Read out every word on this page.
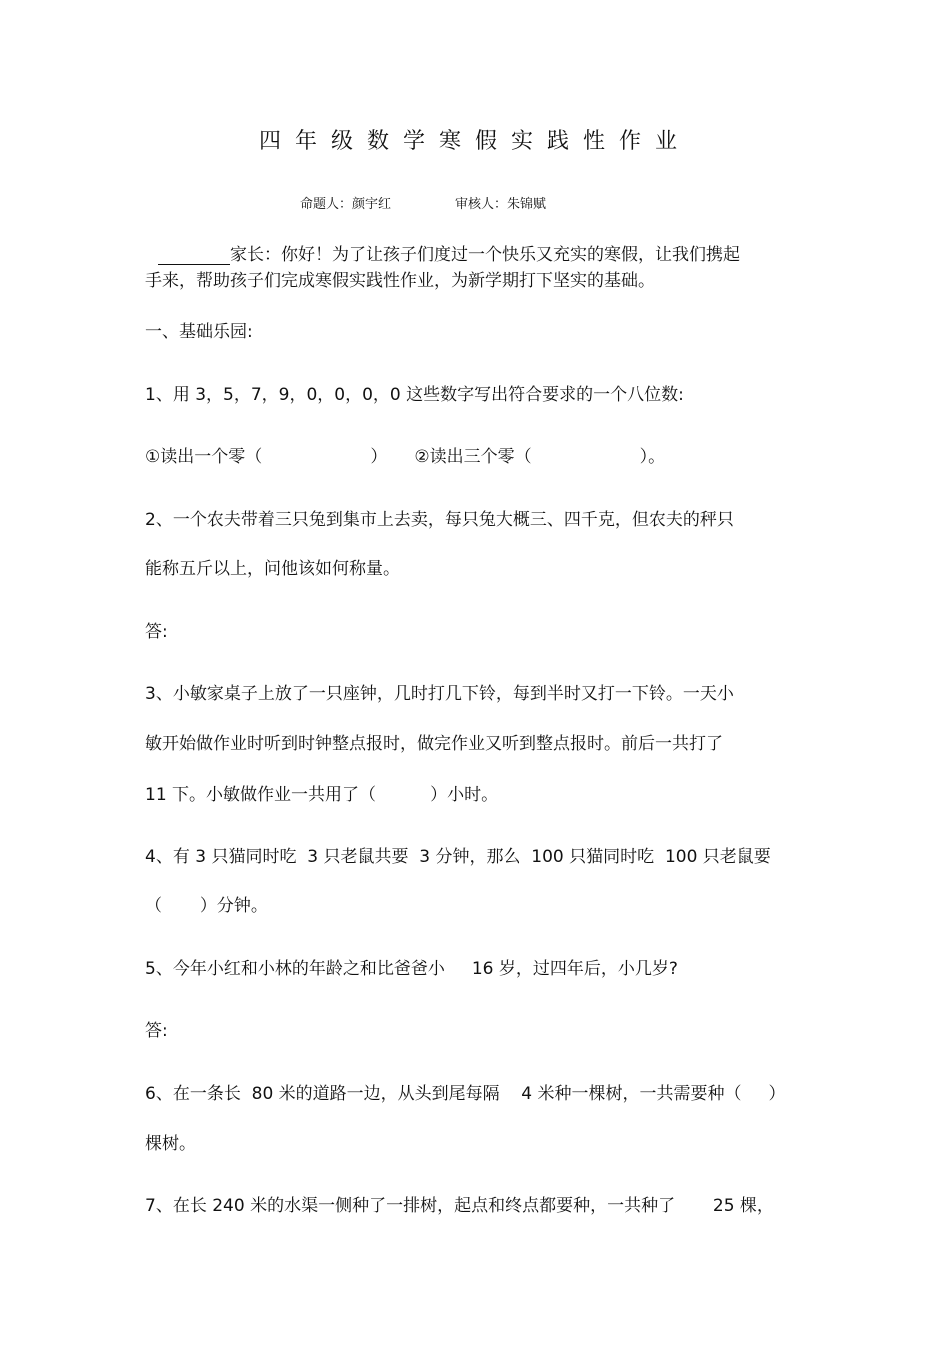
四年级数学寒假实践性作业
命题人：颜宇红	审核人：朱锦赋
家长：你好！为了让孩子们度过一个快乐又充实的寒假，让我们携起
手来，帮助孩子们完成寒假实践性作业，为新学期打下坚实的基础。
一、基础乐园:
1、用 3，5，7，9，0，0，0，0 这些数字写出符合要求的一个八位数:
①读出一个零（                    ）     ②读出三个零（                    ）。
2、一个农夫带着三只兔到集市上去卖，每只兔大概三、四千克，但农夫的秤只
能称五斤以上，问他该如何称量。
答:
3、小敏家桌子上放了一只座钟，几时打几下铃，每到半时又打一下铃。一天小
敏开始做作业时听到时钟整点报时，做完作业又听到整点报时。前后一共打了
11 下。小敏做作业一共用了（          ）小时。
4、有 3 只猫同时吃  3 只老鼠共要  3 分钟，那么  100 只猫同时吃  100 只老鼠要
（       ）分钟。
5、今年小红和小林的年龄之和比爸爸小     16 岁，过四年后，小几岁?
答:
6、在一条长  80 米的道路一边，从头到尾每隔    4 米种一棵树，一共需要种（     ）
棵树。
7、在长 240 米的水渠一侧种了一排树，起点和终点都要种，一共种了       25 棵，
